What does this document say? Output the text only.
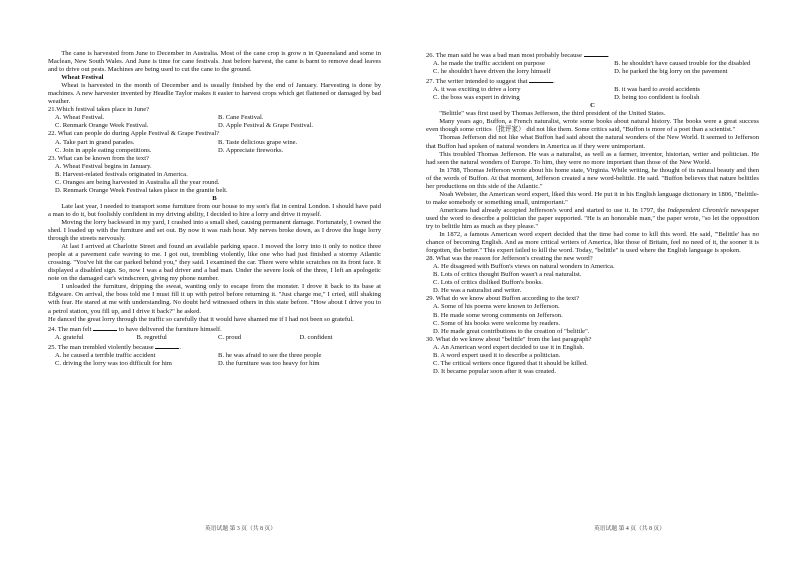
The cane is harvested from June to December in Australia. Most of the cane crop is grow n in Queensland and some in Maclean, New South Wales. And June is time for cane festivals. Just before harvest, the cane is barnt to remove dead leaves and to drive out pests. Machines are being used to cut the cane to the ground.

Wheat Festival

Wheat is harvested in the month of December and is usually finished by the end of January. Harvesting is done by machines. A new harvester invented by Headlie Taylor makes it easier to harvest crops which get flattened or damaged by bad weather.

21.Which festival takes place in June?

A. Wheat Festival.	B. Cane Festival.
C. Renmark Orange Week Festival.	D. Apple Festival & Grape Festival.

22. What can people do during Apple Festival & Grape Festival?

A. Take part in grand parades.	B. Taste delicious grape wine.
C. Join in apple eating competitions.	D. Appreciate fireworks.

23. What can be known from the text?

A. Wheat Festival begins in January.

B. Harvest-related festivals originated in America.

C. Oranges are being harvested in Australia all the year round.

D. Renmark Orange Week Festival takes place in the granite belt.

B

Late last year, I needed to transport some furniture from our house to my son's flat in central London. I should have paid a man to do it, but foolishly confident in my driving ability, I decided to hire a lorry and drive it myself.

Moving the lorry backward in my yard, I crashed into a small shed, causing permanent damage. Fortunately, I owned the shed. I loaded up with the furniture and set out. By now it was rush hour. My nerves broke down, as I drove the huge lorry through the streets nervously.

At last I arrived at Charlotte Street and found an available parking space. I moved the lorry into it only to notice three people at a pavement cafe waving to me. I got out, trembling violently, like one who had just finished a stormy Atlantic crossing. "You've hit the car parked behind you," they said. I examined the car. There were white scratches on its front face. It displayed a disabled sign. So, now I was a bad driver and a bad man. Under the severe look of the three, I left an apologetic note on the damaged car's windscreen, giving my phone number.

I unloaded the furniture, dripping the sweat, wanting only to escape from the monster. I drove it back to its base at Edgware. On arrival, the boss told me I must fill it up with petrol before returning it. "Just charge me," I cried, still shaking with fear. He stared at me with understanding. No doubt he'd witnessed others in this state before. "How about I drive you to a petrol station, you fill up, and I drive it back?" he asked.

He danced the great lorry through the traffic so carefully that it would have shamed me if I had not been so grateful.

24. The man felt	to have delivered the furniture himself.

A. grateful	B. regretful	C. proud	D. confident

25. The man trembled violently because	.

A. he caused a terrible traffic accident	B. he was afraid to see the three people
C. driving the lorry was too difficult for him	D. the furniture was too heavy for him

26. The man said he was a bad man most probably because	.

A. he made the traffic accident on purpose	B. he shouldn't have caused trouble for the disabled

C. he shouldn't have driven the lorry himself	D. he parked the big lorry on the pavement

27. The writer intended to suggest that	.

A. it was exciting to drive a lorry	B. it was hard to avoid accidents
C. the boss was expert in driving	D. being too confident is foolish

C

"Belittle" was first used by Thomas Jefferson, the third president of the United States.

Many years ago, Buffon, a French naturalist, wrote some books about natural history. The books were a great success even though some critics（批评家） did not like them. Some critics said, "Buffon is more of a poet than a scientist."

Thomas Jefferson did not like what Buffon had said about the natural wonders of the New World. It seemed to Jefferson that Buffon had spoken of natural wonders in America as if they were unimportant.

This troubled Thomas Jefferson. He was a naturalist, as well as a farmer, inventor, historian, writer and politician. He had seen the natural wonders of Europe. To him, they were no more important than those of the New World.

In 1788, Thomas Jefferson wrote about his home state, Virginia. While writing, he thought of its natural beauty and then of the words of Buffon. At that moment, Jefferson created a new word-belittle. He said. "Buffon believes that nature belittles her productions on this side of the Atlantic."

Noah Webster, the American word expert, liked this word. He put it in his English language dictionary in 1806, "Belittle-to make somebody or something small, unimportant."

Americans had already accepted Jefferson's word and started to use it. In 1797, the Independent Chronicle newspaper used the word to describe a politician the paper supported. "He is an honorable man," the paper wrote, "so let the opposition try to belittle him as much as they please."

In 1872, a famous American word expert decided that the time had come to kill this word. He said, "'Belittle' has no chance of becoming English. And as more critical writers of America, like those of Britain, feel no need of it, the sooner it is forgotten, the better." This expert failed to kill the word. Today, "belittle" is used where the English language is spoken.

28. What was the reason for Jefferson's creating the new word?

A. He disagreed with Buffon's views on natural wonders in America.

B. Lots of critics thought Buffon wasn't a real naturalist.

C. Lots of critics disliked Buffon's books.

D. He was a naturalist and writer.

29. What do we know about Buffon according to the text?

A. Some of his poems were known to Jefferson.

B. He made some wrong comments on Jefferson.

C. Some of his books were welcome by readers.

D. He made great contributions to the creation of "belittle".

30. What do we know about "belittle" from the last paragraph?

A. An American word expert decided to use it in English.

B. A word expert used it to describe a politician.

C. The critical writers once figured that it should be killed.

D. It became popular soon after it was created.

英语试题 第 3 页（共 8 页）	英语试题 第 4 页（共 8 页）
